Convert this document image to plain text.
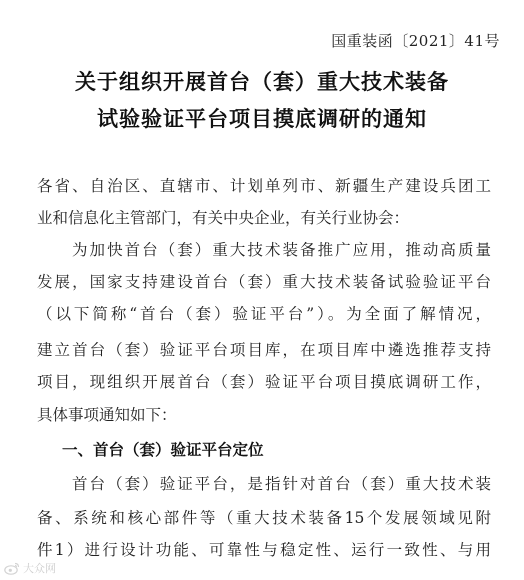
国重装函〔2021〕41号
关于组织开展首台（套）重大技术装备
试验验证平台项目摸底调研的通知
各省、自治区、直辖市、计划单列市、新疆生产建设兵团工
业和信息化主管部门，有关中央企业，有关行业协会：
为加快首台（套）重大技术装备推广应用，推动高质量
发展，国家支持建设首台（套）重大技术装备试验验证平台
（以下简称“首台（套）验证平台”）。为全面了解情况，
建立首台（套）验证平台项目库，在项目库中遴选推荐支持
项目，现组织开展首台（套）验证平台项目摸底调研工作，
具体事项通知如下：
一、首台（套）验证平台定位
首台（套）验证平台，是指针对首台（套）重大技术装
备、系统和核心部件等（重大技术装备15个发展领域见附
件1）进行设计功能、可靠性与稳定性、运行一致性、与用
大众网
